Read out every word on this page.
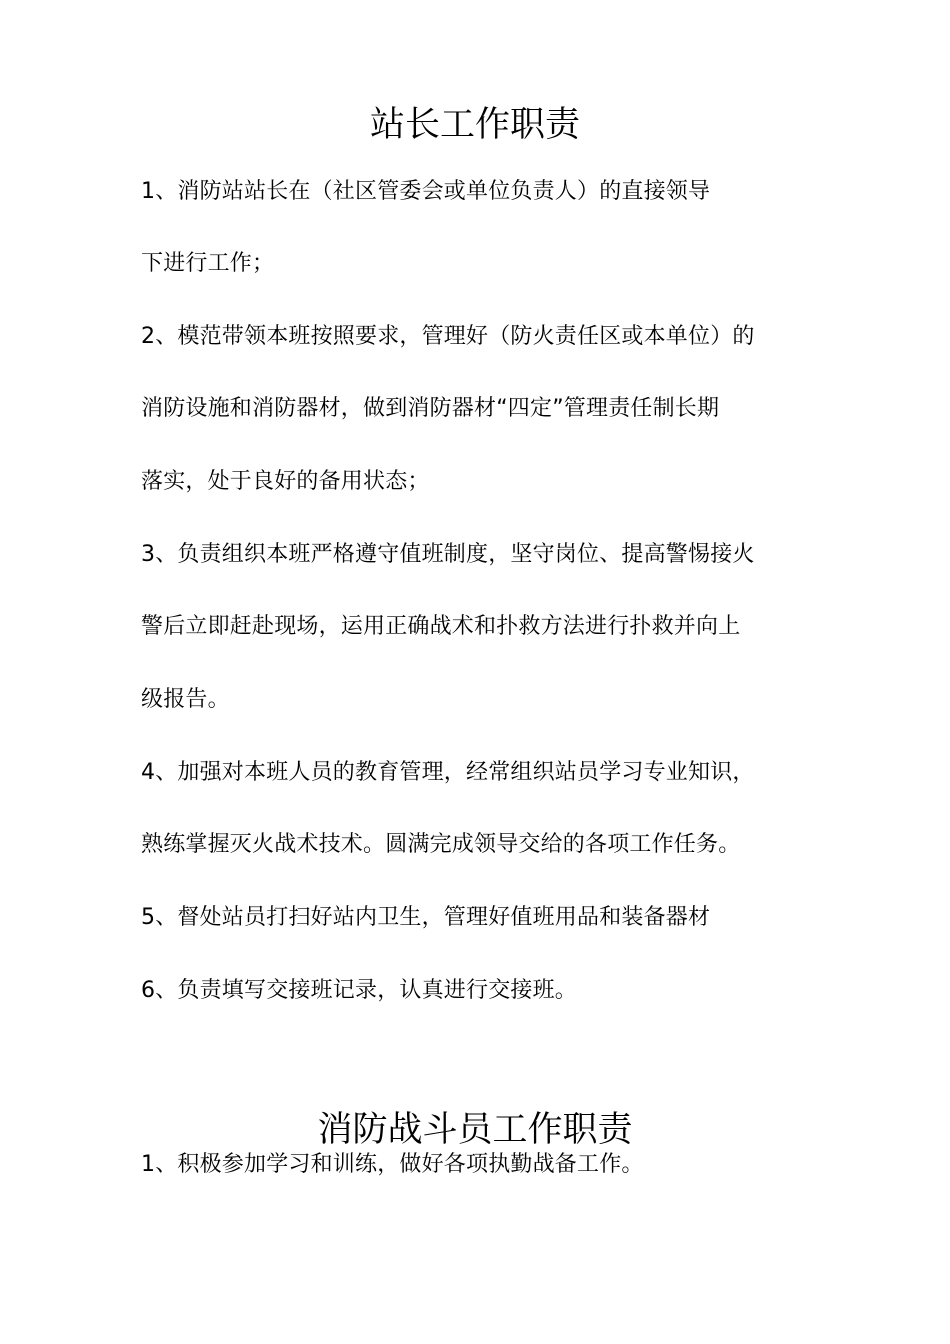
站长工作职责
1、消防站站长在（社区管委会或单位负责人）的直接领导
下进行工作；
2、模范带领本班按照要求，管理好（防火责任区或本单位）的
消防设施和消防器材，做到消防器材“四定”管理责任制长期
落实，处于良好的备用状态；
3、负责组织本班严格遵守值班制度，坚守岗位、提高警惕接火
警后立即赶赴现场，运用正确战术和扑救方法进行扑救并向上
级报告。
4、加强对本班人员的教育管理，经常组织站员学习专业知识，
熟练掌握灭火战术技术。圆满完成领导交给的各项工作任务。
5、督处站员打扫好站内卫生，管理好值班用品和装备器材
6、负责填写交接班记录，认真进行交接班。
消防战斗员工作职责
1、积极参加学习和训练，做好各项执勤战备工作。
